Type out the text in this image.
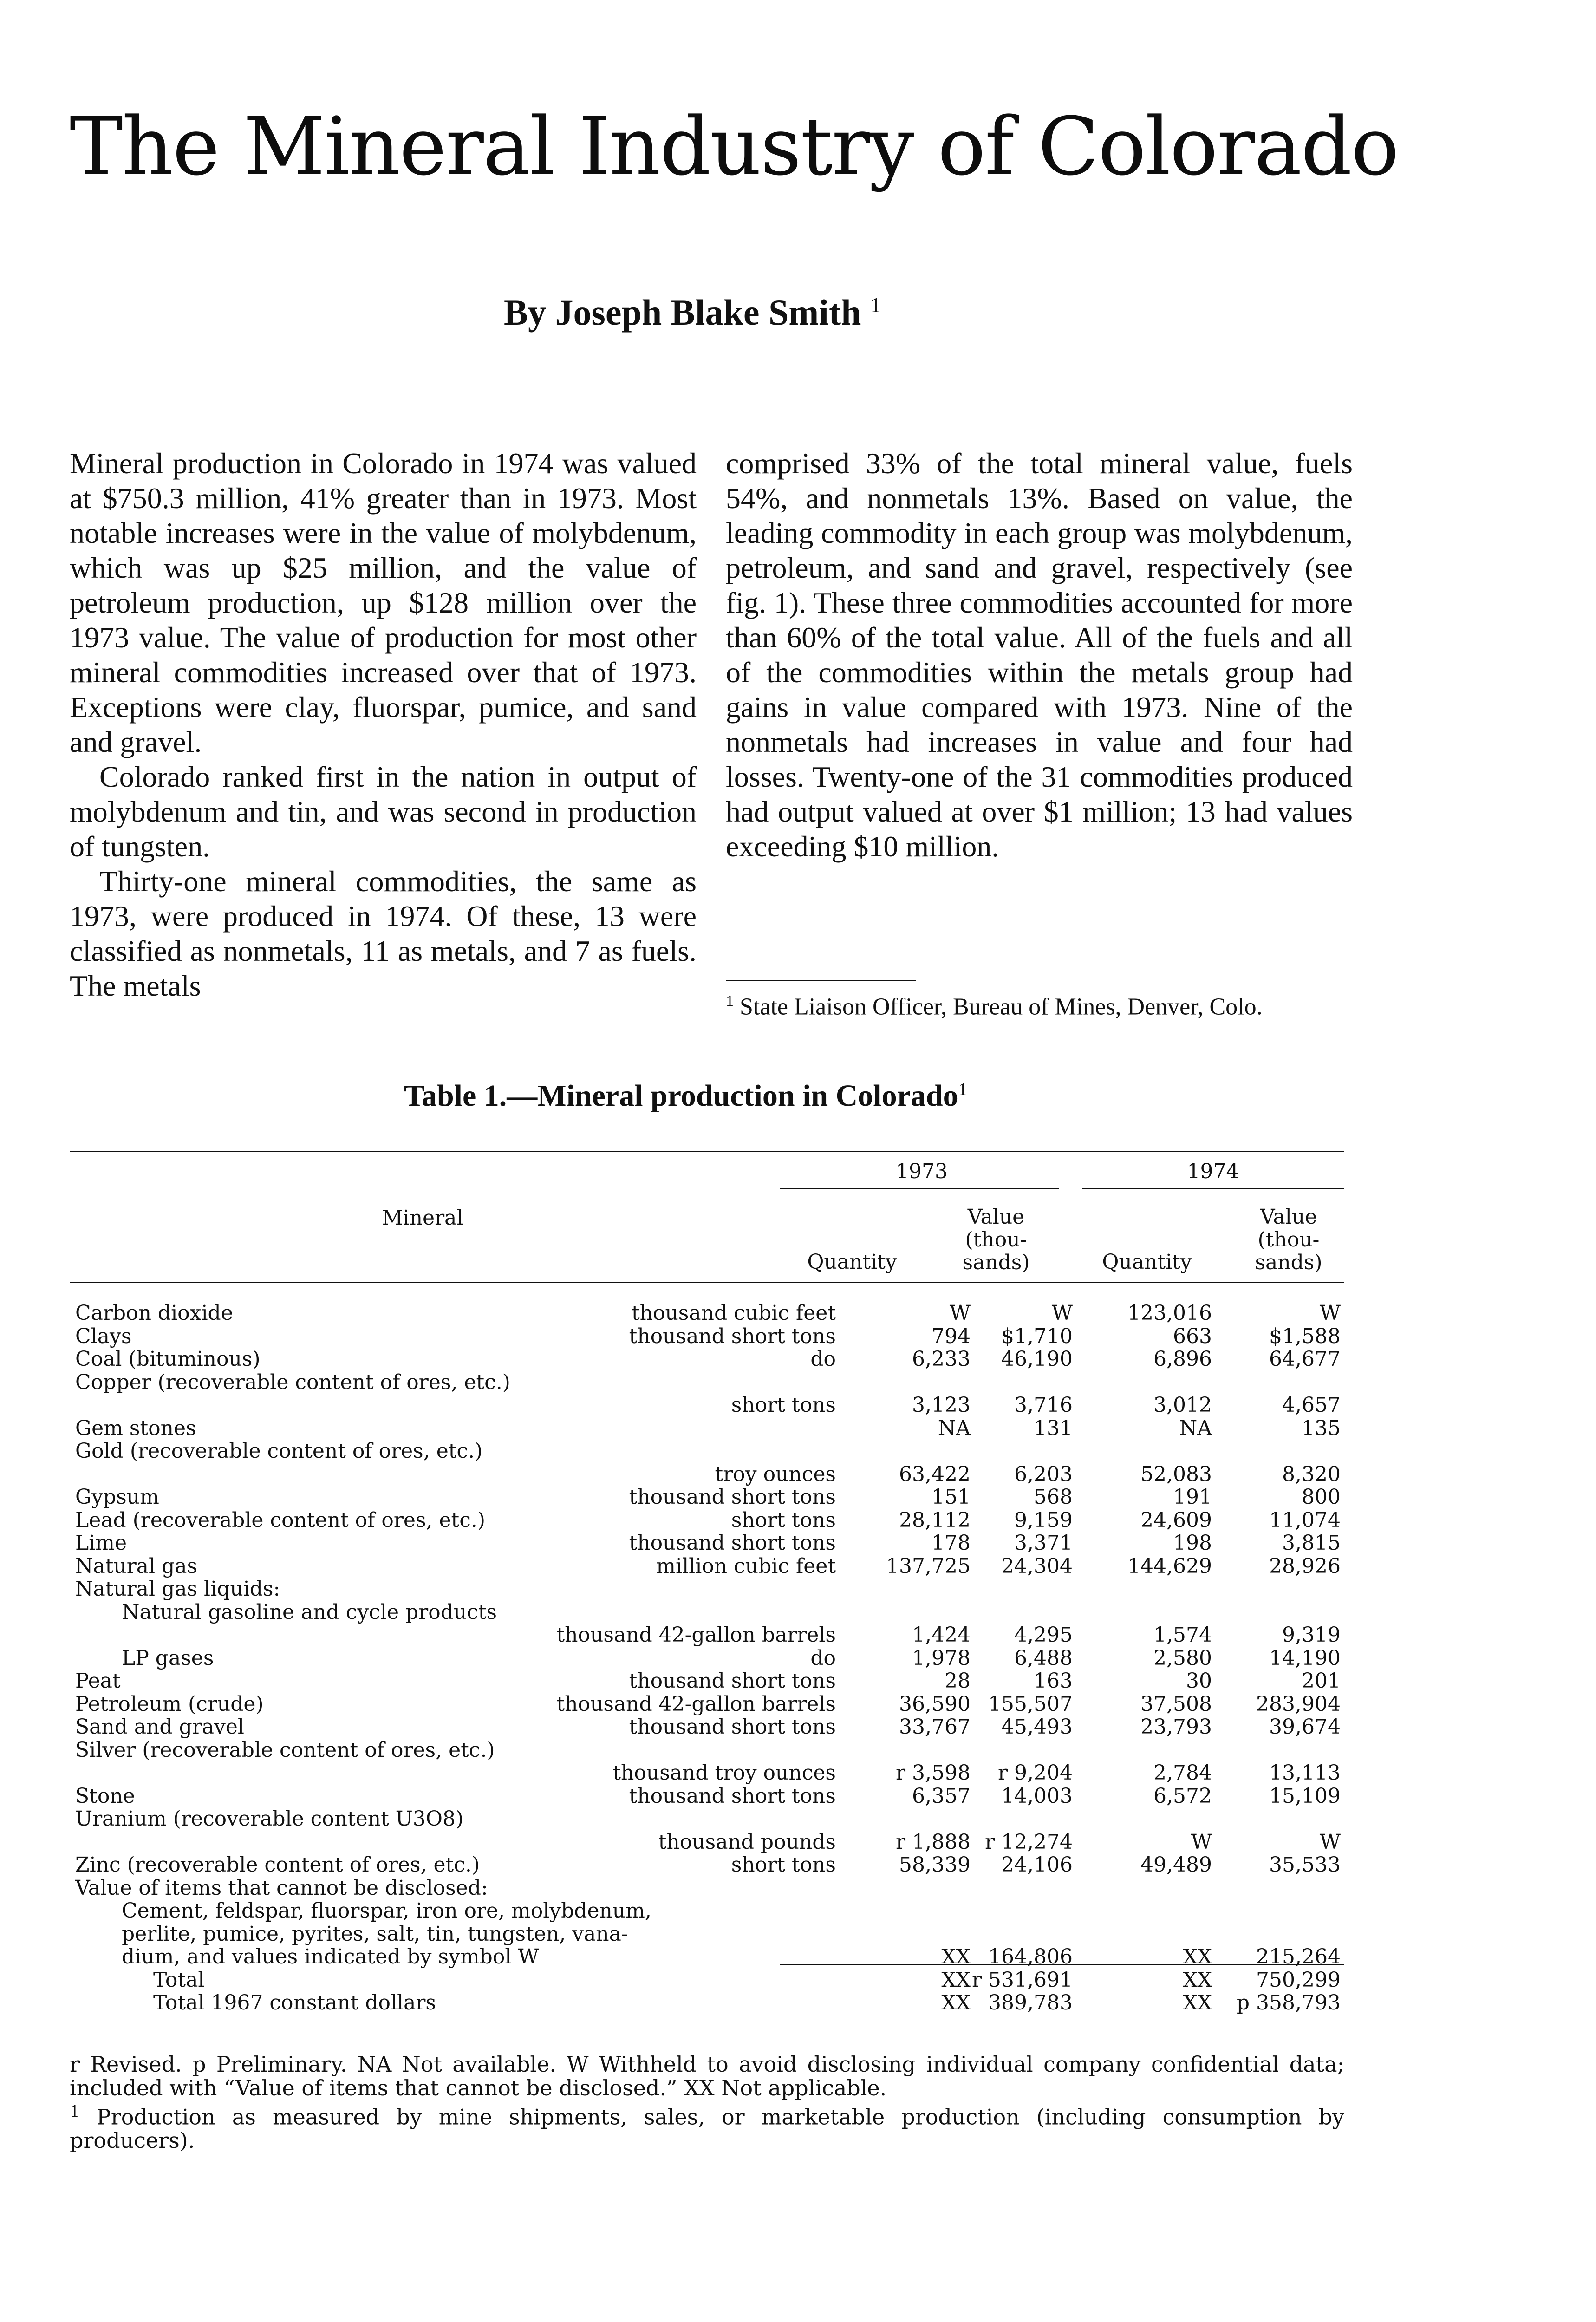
The Mineral Industry of Colorado
By Joseph Blake Smith $^1$

Mineral production in Colorado in 1974 was valued at $750.3 million, 41% greater than in 1973. Most notable increases were in the value of molybdenum, which was up $25 million, and the value of petroleum production, up $128 million over the 1973 value. The value of production for most other mineral commodities increased over that of 1973. Exceptions were clay, fluorspar, pumice, and sand and gravel.

Colorado ranked first in the nation in output of molybdenum and tin, and was second in production of tungsten.

Thirty-one mineral commodities, the same as 1973, were produced in 1974. Of these, 13 were classified as nonmetals, 11 as metals, and 7 as fuels. The metals

comprised 33% of the total mineral value, fuels 54%, and nonmetals 13%. Based on value, the leading commodity in each group was molybdenum, petroleum, and sand and gravel, respectively (see fig. 1). These three commodities accounted for more than 60% of the total value. All of the fuels and all of the commodities within the metals group had gains in value compared with 1973. Nine of the nonmetals had increases in value and four had losses. Twenty-one of the 31 commodities produced had output valued at over $1 million; 13 had values exceeding $10 million.

$^1$ State Liaison Officer, Bureau of Mines, Denver, Colo.
Table 1.—Mineral production in Colorado$^1$
1973	1974
Mineral
Quantity
Value
(thou-
sands)	Quantity
Value
(thou-
sands)
Carbon dioxide	thousand cubic feet	W	W	123,016	W
Clays	thousand short tons	794 $1,710	663	$1,588
Coal (bituminous)	do	6,233 46,190	6,896	64,677
Copper (recoverable content of ores, etc.)
short tons	3,123 3,716	3,012	4,657
Gem stones	NA	131	NA	135
Gold (recoverable content of ores, etc.)
troy ounces	63,422 6,203	52,083	8,320
Gypsum	thousand short tons	151	568	191	800
Lead (recoverable content of ores, etc.)	short tons	28,112 9,159	24,609	11,074
Lime	thousand short tons	178 3,371	198	3,815
Natural gas	million cubic feet 137,725 24,304	144,629	28,926
Natural gas liquids:
Natural gasoline and cycle products
thousand 42-gallon barrels	1,424 4,295	1,574	9,319
LP gases	do	1,978 6,488	2,580	14,190
Peat	thousand short tons	28	163	30	201
Petroleum (crude)	thousand 42-gallon barrels	36,590 155,507	37,508 283,904
Sand and gravel	thousand short tons	33,767 45,493	23,793	39,674
Silver (recoverable content of ores, etc.)
thousand troy ounces	r 3,598 r 9,204	2,784	13,113
Stone	thousand short tons	6,357 14,003	6,572	15,109
Uranium (recoverable content U3O8)
thousand pounds	r 1,888 r 12,274	W	W
Zinc (recoverable content of ores, etc.)	short tons	58,339 24,106	49,489	35,533
Value of items that cannot be disclosed:
Cement, feldspar, fluorspar, iron ore, molybdenum,
perlite, pumice, pyrites, salt, tin, tungsten, vana-
dium, and values indicated by symbol W	XX 164,806	XX 215,264
Total	XX r 531,691	XX 750,299
Total 1967 constant dollars	XX 389,783	XX p 358,793

r Revised. p Preliminary. NA Not available. W Withheld to avoid disclosing individual company confidential data; included with “Value of items that cannot be disclosed.” XX Not applicable.

$^1$ Production as measured by mine shipments, sales, or marketable production (including consumption by producers).
